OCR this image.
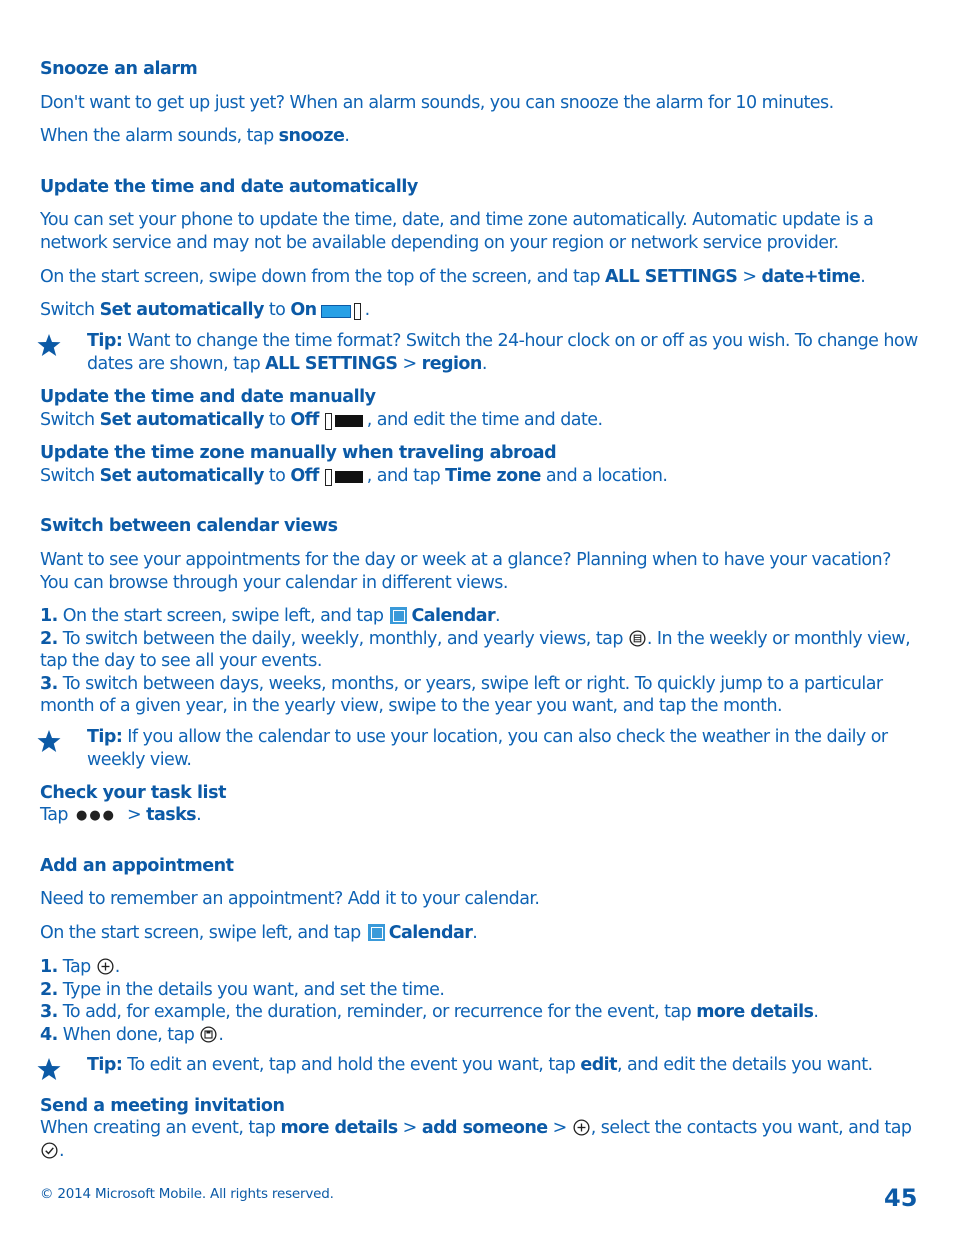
Snooze an alarm
Don't want to get up just yet? When an alarm sounds, you can snooze the alarm for 10 minutes.
When the alarm sounds, tap snooze.
Update the time and date automatically
You can set your phone to update the time, date, and time zone automatically. Automatic update is a network service and may not be available depending on your region or network service provider.
On the start screen, swipe down from the top of the screen, and tap ALL SETTINGS > date+time.
Switch Set automatically to On	.
Tip: Want to change the time format? Switch the 24-hour clock on or off as you wish. To change how dates are shown, tap ALL SETTINGS > region.
Update the time and date manually
Switch Set automatically to Off	, and edit the time and date.
Update the time zone manually when traveling abroad
Switch Set automatically to Off	, and tap Time zone and a location.
Switch between calendar views
Want to see your appointments for the day or week at a glance? Planning when to have your vacation? You can browse through your calendar in different views.
1. On the start screen, swipe left, and tap Calendar.
2. To switch between the daily, weekly, monthly, and yearly views, tap . In the weekly or monthly view, tap the day to see all your events.
3. To switch between days, weeks, months, or years, swipe left or right. To quickly jump to a particular month of a given year, in the yearly view, swipe to the year you want, and tap the month.
Tip: If you allow the calendar to use your location, you can also check the weather in the daily or weekly view.
Check your task list
Tap ●●● > tasks.
Add an appointment
Need to remember an appointment? Add it to your calendar.
On the start screen, swipe left, and tap Calendar.
1. Tap .
2. Type in the details you want, and set the time.
3. To add, for example, the duration, reminder, or recurrence for the event, tap more details.
4. When done, tap .
Tip: To edit an event, tap and hold the event you want, tap edit, and edit the details you want.
Send a meeting invitation
When creating an event, tap more details > add someone > , select the contacts you want, and tap .
© 2014 Microsoft Mobile. All rights reserved.	45
